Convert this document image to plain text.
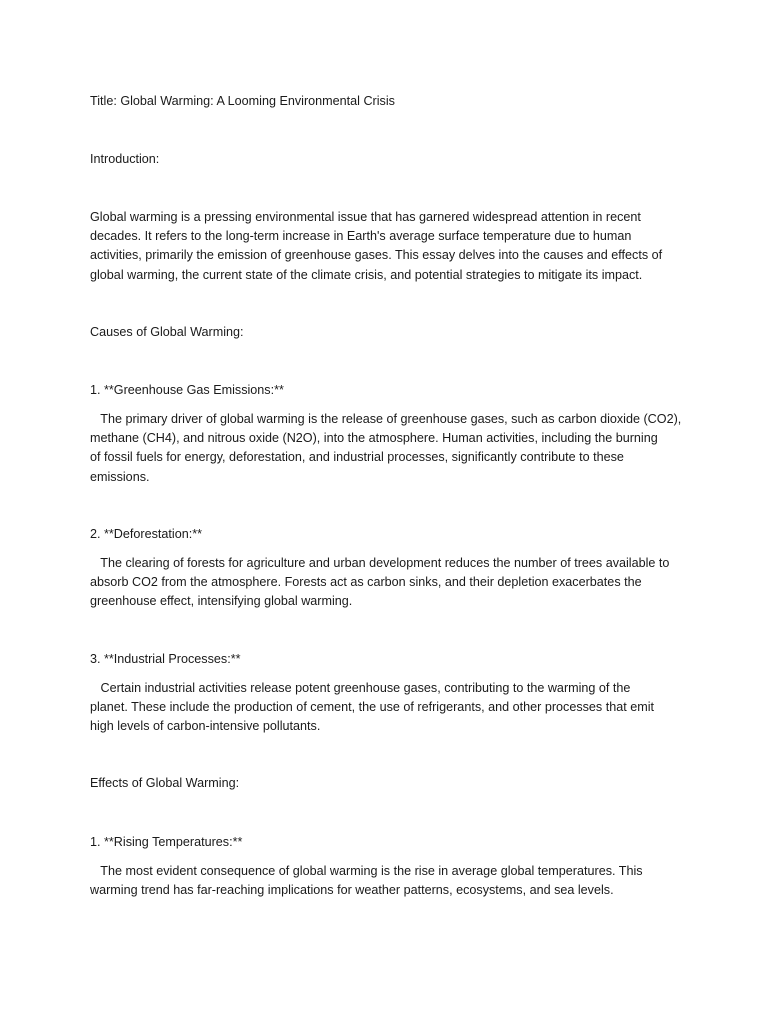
Title: Global Warming: A Looming Environmental Crisis

Introduction:

Global warming is a pressing environmental issue that has garnered widespread attention in recent
decades. It refers to the long-term increase in Earth's average surface temperature due to human
activities, primarily the emission of greenhouse gases. This essay delves into the causes and effects of
global warming, the current state of the climate crisis, and potential strategies to mitigate its impact.

Causes of Global Warming:

1. **Greenhouse Gas Emissions:**

The primary driver of global warming is the release of greenhouse gases, such as carbon dioxide (CO2),
methane (CH4), and nitrous oxide (N2O), into the atmosphere. Human activities, including the burning
of fossil fuels for energy, deforestation, and industrial processes, significantly contribute to these
emissions.

2. **Deforestation:**

The clearing of forests for agriculture and urban development reduces the number of trees available to
absorb CO2 from the atmosphere. Forests act as carbon sinks, and their depletion exacerbates the
greenhouse effect, intensifying global warming.

3. **Industrial Processes:**

Certain industrial activities release potent greenhouse gases, contributing to the warming of the
planet. These include the production of cement, the use of refrigerants, and other processes that emit
high levels of carbon-intensive pollutants.

Effects of Global Warming:

1. **Rising Temperatures:**

The most evident consequence of global warming is the rise in average global temperatures. This
warming trend has far-reaching implications for weather patterns, ecosystems, and sea levels.
